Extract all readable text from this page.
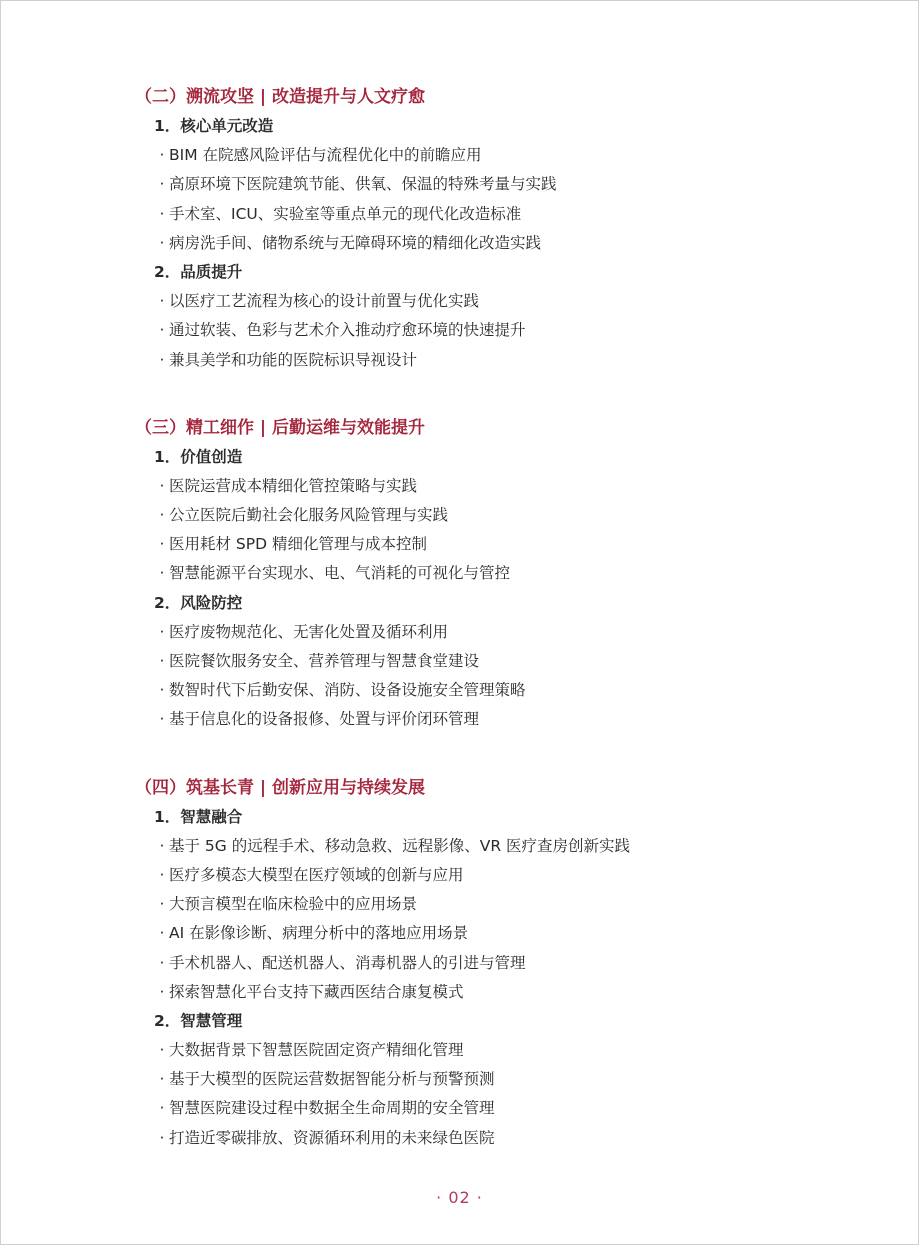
（二）溯流攻坚 | 改造提升与人文疗愈
1．核心单元改造
· BIM 在院感风险评估与流程优化中的前瞻应用
· 高原环境下医院建筑节能、供氧、保温的特殊考量与实践
· 手术室、ICU、实验室等重点单元的现代化改造标准
· 病房洗手间、储物系统与无障碍环境的精细化改造实践
2．品质提升
· 以医疗工艺流程为核心的设计前置与优化实践
· 通过软装、色彩与艺术介入推动疗愈环境的快速提升
· 兼具美学和功能的医院标识导视设计
（三）精工细作 | 后勤运维与效能提升
1．价值创造
· 医院运营成本精细化管控策略与实践
· 公立医院后勤社会化服务风险管理与实践
· 医用耗材 SPD 精细化管理与成本控制
· 智慧能源平台实现水、电、气消耗的可视化与管控
2．风险防控
· 医疗废物规范化、无害化处置及循环利用
· 医院餐饮服务安全、营养管理与智慧食堂建设
· 数智时代下后勤安保、消防、设备设施安全管理策略
· 基于信息化的设备报修、处置与评价闭环管理
（四）筑基长青 | 创新应用与持续发展
1．智慧融合
· 基于 5G 的远程手术、移动急救、远程影像、VR 医疗查房创新实践
· 医疗多模态大模型在医疗领域的创新与应用
· 大预言模型在临床检验中的应用场景
· AI 在影像诊断、病理分析中的落地应用场景
· 手术机器人、配送机器人、消毒机器人的引进与管理
· 探索智慧化平台支持下藏西医结合康复模式
2．智慧管理
· 大数据背景下智慧医院固定资产精细化管理
· 基于大模型的医院运营数据智能分析与预警预测
· 智慧医院建设过程中数据全生命周期的安全管理
· 打造近零碳排放、资源循环利用的未来绿色医院
· 02 ·
